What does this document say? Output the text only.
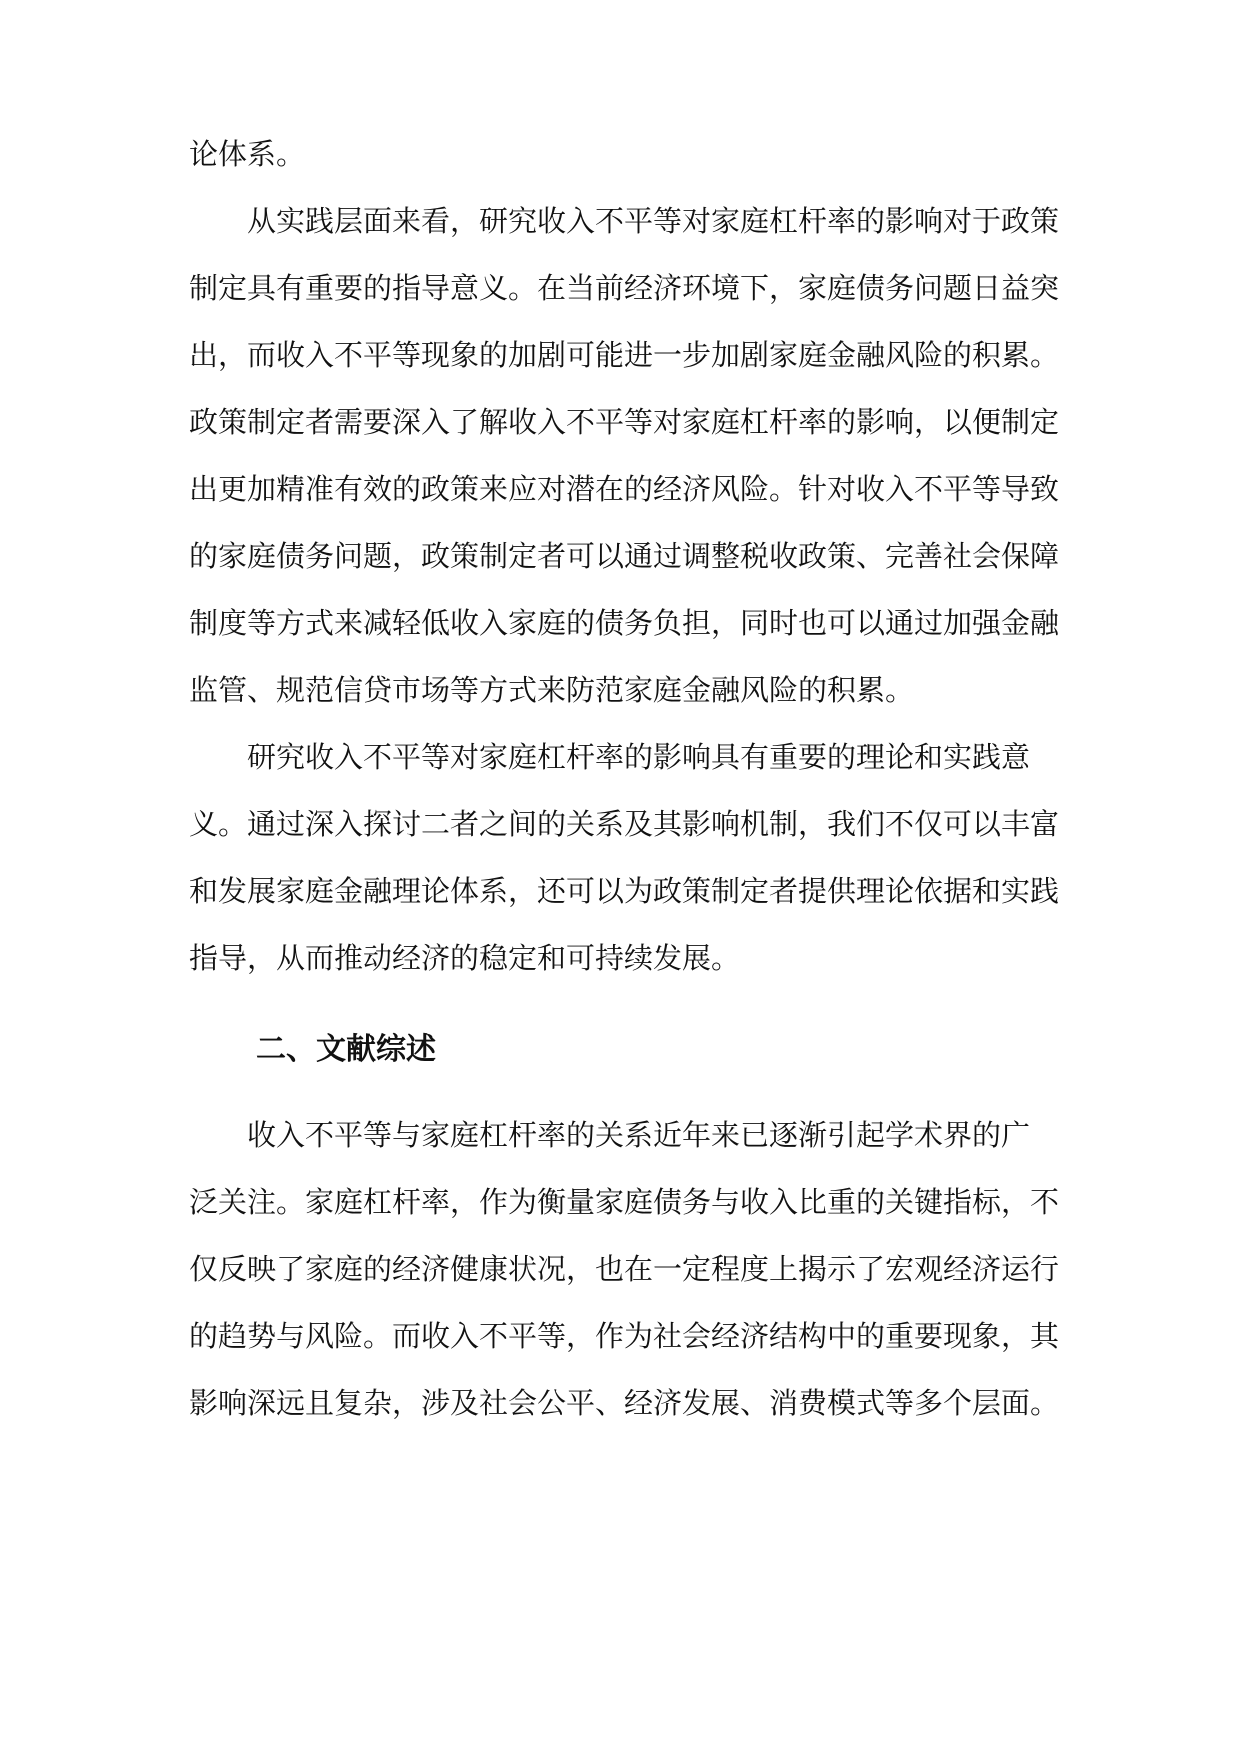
论体系。
从实践层面来看，研究收入不平等对家庭杠杆率的影响对于政策
制定具有重要的指导意义。在当前经济环境下，家庭债务问题日益突
出，而收入不平等现象的加剧可能进一步加剧家庭金融风险的积累。
政策制定者需要深入了解收入不平等对家庭杠杆率的影响，以便制定
出更加精准有效的政策来应对潜在的经济风险。针对收入不平等导致
的家庭债务问题，政策制定者可以通过调整税收政策、完善社会保障
制度等方式来减轻低收入家庭的债务负担，同时也可以通过加强金融
监管、规范信贷市场等方式来防范家庭金融风险的积累。
研究收入不平等对家庭杠杆率的影响具有重要的理论和实践意
义。通过深入探讨二者之间的关系及其影响机制，我们不仅可以丰富
和发展家庭金融理论体系，还可以为政策制定者提供理论依据和实践
指导，从而推动经济的稳定和可持续发展。
二、文献综述
收入不平等与家庭杠杆率的关系近年来已逐渐引起学术界的广
泛关注。家庭杠杆率，作为衡量家庭债务与收入比重的关键指标，不
仅反映了家庭的经济健康状况，也在一定程度上揭示了宏观经济运行
的趋势与风险。而收入不平等，作为社会经济结构中的重要现象，其
影响深远且复杂，涉及社会公平、经济发展、消费模式等多个层面。
